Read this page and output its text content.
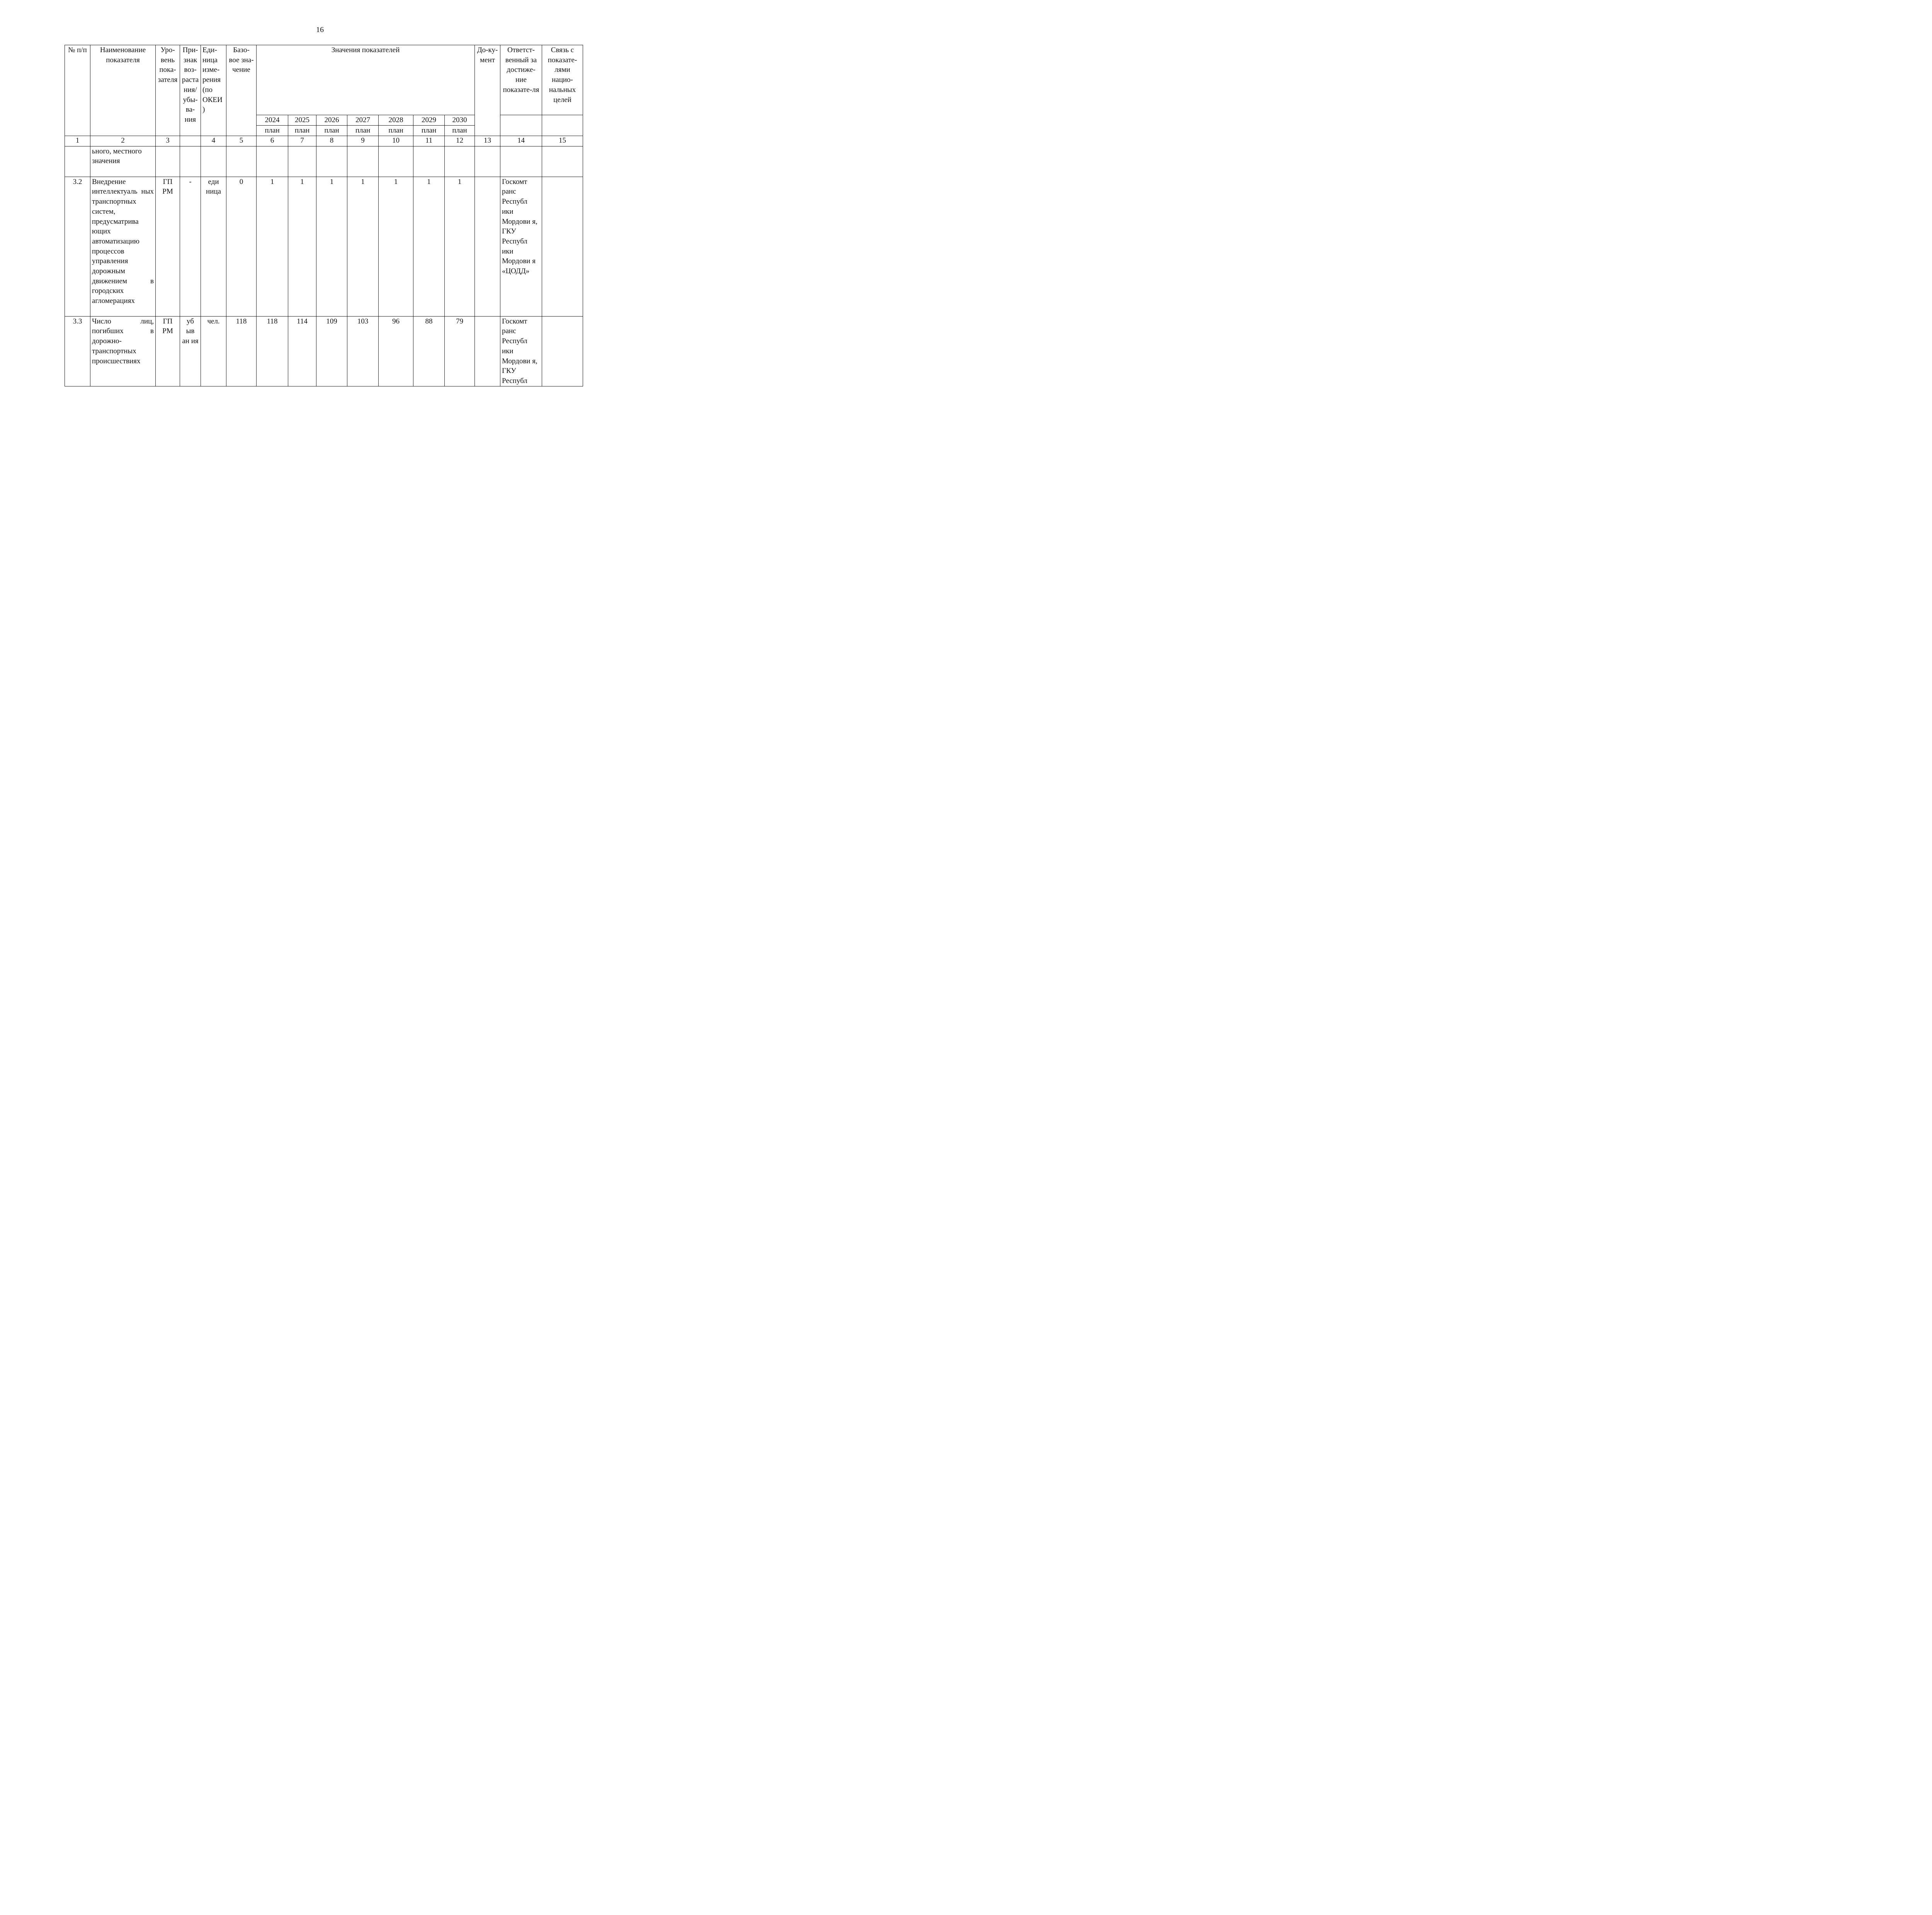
16
№ п/п	Наименование показателя	Уро-вень пока-зателя	При-знак воз-раста ния/ убы-ва-ния	Еди-ница изме-рения (по ОКЕИ )	Базо-вое зна-чение	Значения показателей							До-ку-мент	Ответст-венный за достиже-ние показате-ля	Связь с показате-лями нацио-нальных целей
						2024	2025	2026	2027	2028	2029	2030			
						план	план	план	план	план	план	план			
1	2	3		4	5	6	7	8	9	10	11	12	13	14	15
	ьного, местного значения														
3.2	Внедрение интеллектуаль ных транспортных систем, предусматрива ющих автоматизацию процессов управления дорожным движением в городских агломерациях	ГП РМ	-	еди ница	0	1	1	1	1	1	1	1		Госкомт ранс Республ ики Мордови я, ГКУ Республ ики Мордови я «ЦОДД»	
3.3	Число лиц, погибших в дорожно-транспортных происшествиях	ГП РМ	уб ыв ан ия	чел.	118	118	114	109	103	96	88	79		Госкомт ранс Республ ики Мордови я, ГКУ Республ	
